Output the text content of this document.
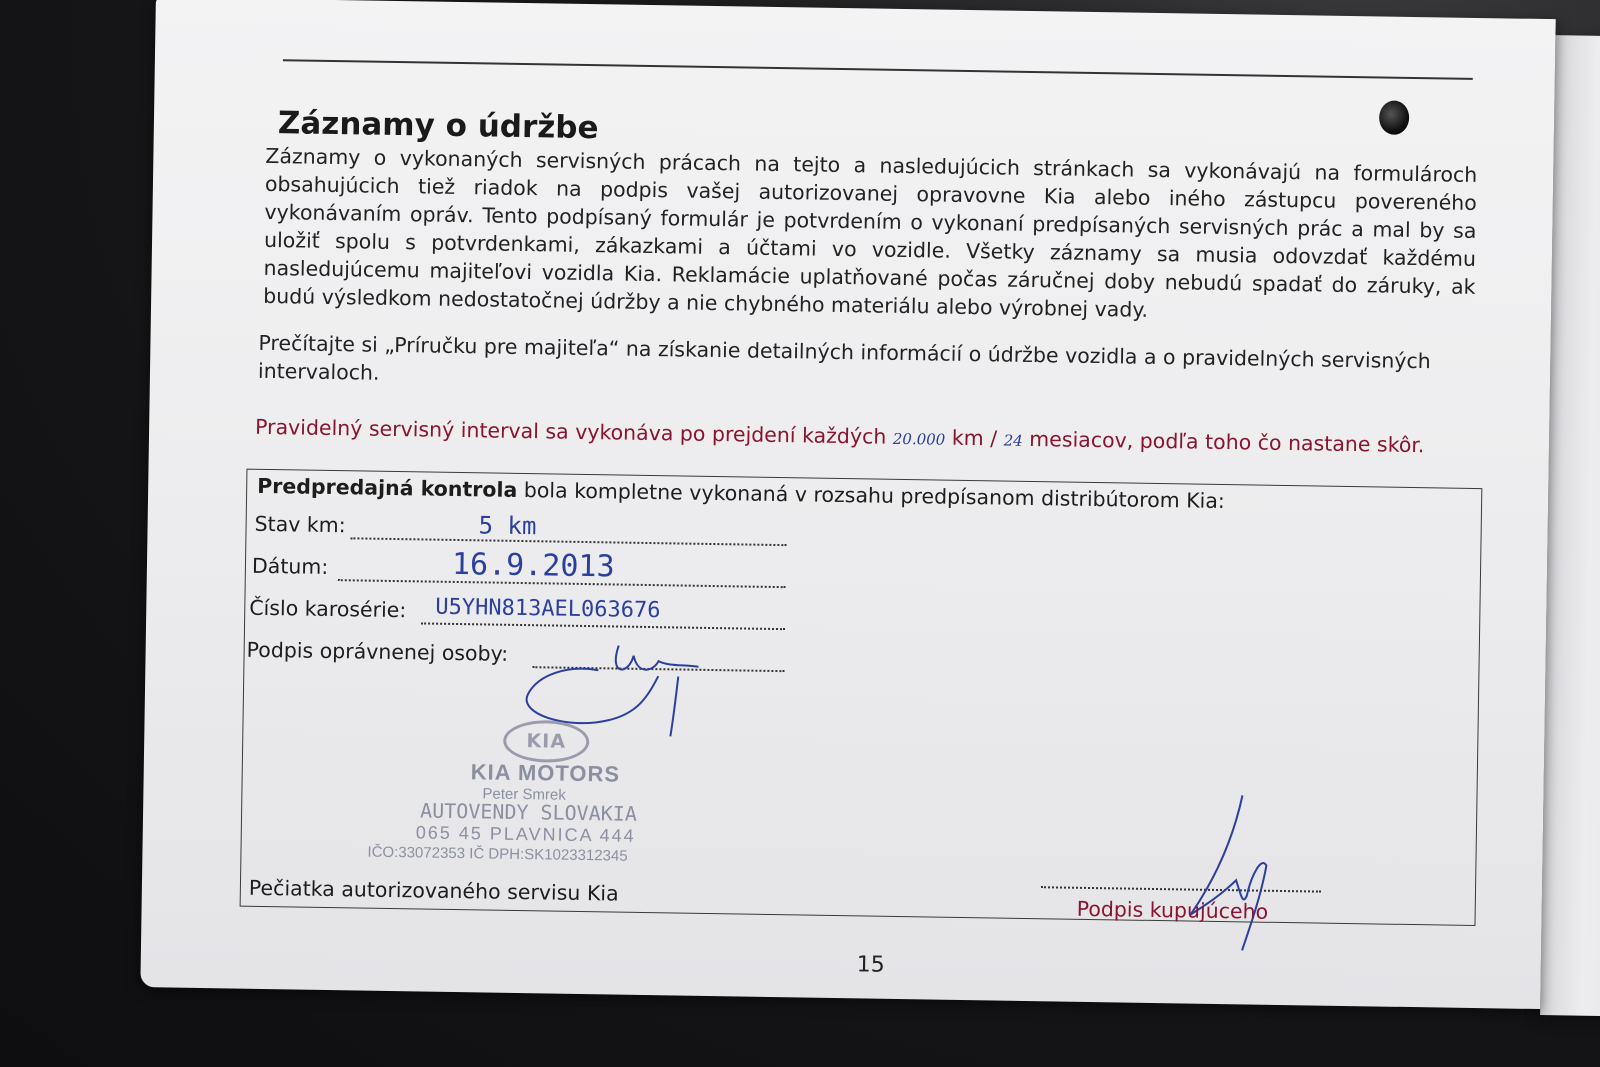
Záznamy o údržbe

Záznamy o vykonaných servisných prácach na tejto a nasledujúcich stránkach sa vykonávajú na formulároch obsahujúcich tiež riadok na podpis vašej autorizovanej opravovne Kia alebo iného zástupcu povereného vykonávaním opráv. Tento podpísaný formulár je potvrdením o vykonaní predpísaných servisných prác a mal by sa uložiť spolu s potvrdenkami, zákazkami a účtami vo vozidle. Všetky záznamy sa musia odovzdať každému nasledujúcemu majiteľovi vozidla Kia. Reklamácie uplatňované počas záručnej doby nebudú spadať do záruky, ak budú výsledkom nedostatočnej údržby a nie chybného materiálu alebo výrobnej vady.

Prečítajte si „Príručku pre majiteľa“ na získanie detailných informácií o údržbe vozidla a o pravidelných servisných intervaloch.

Pravidelný servisný interval sa vykonáva po prejdení každých 20.000 km / 24 mesiacov, podľa toho čo nastane skôr.

Predpredajná kontrola bola kompletne vykonaná v rozsahu predpísanom distribútorom Kia:

Stav km:	5 km
Dátum:	16.9.2013
Číslo karosérie: U5YHN813AEL063676
Podpis oprávnenej osoby:
KIA
KIA MOTORS
Peter Smrek
AUTOVENDY SLOVAKIA
065 45 PLAVNICA 444
IČO:33072353 IČ DPH:SK1023312345

Pečiatka autorizovaného servisu Kia

Podpis kupujúceho

15
